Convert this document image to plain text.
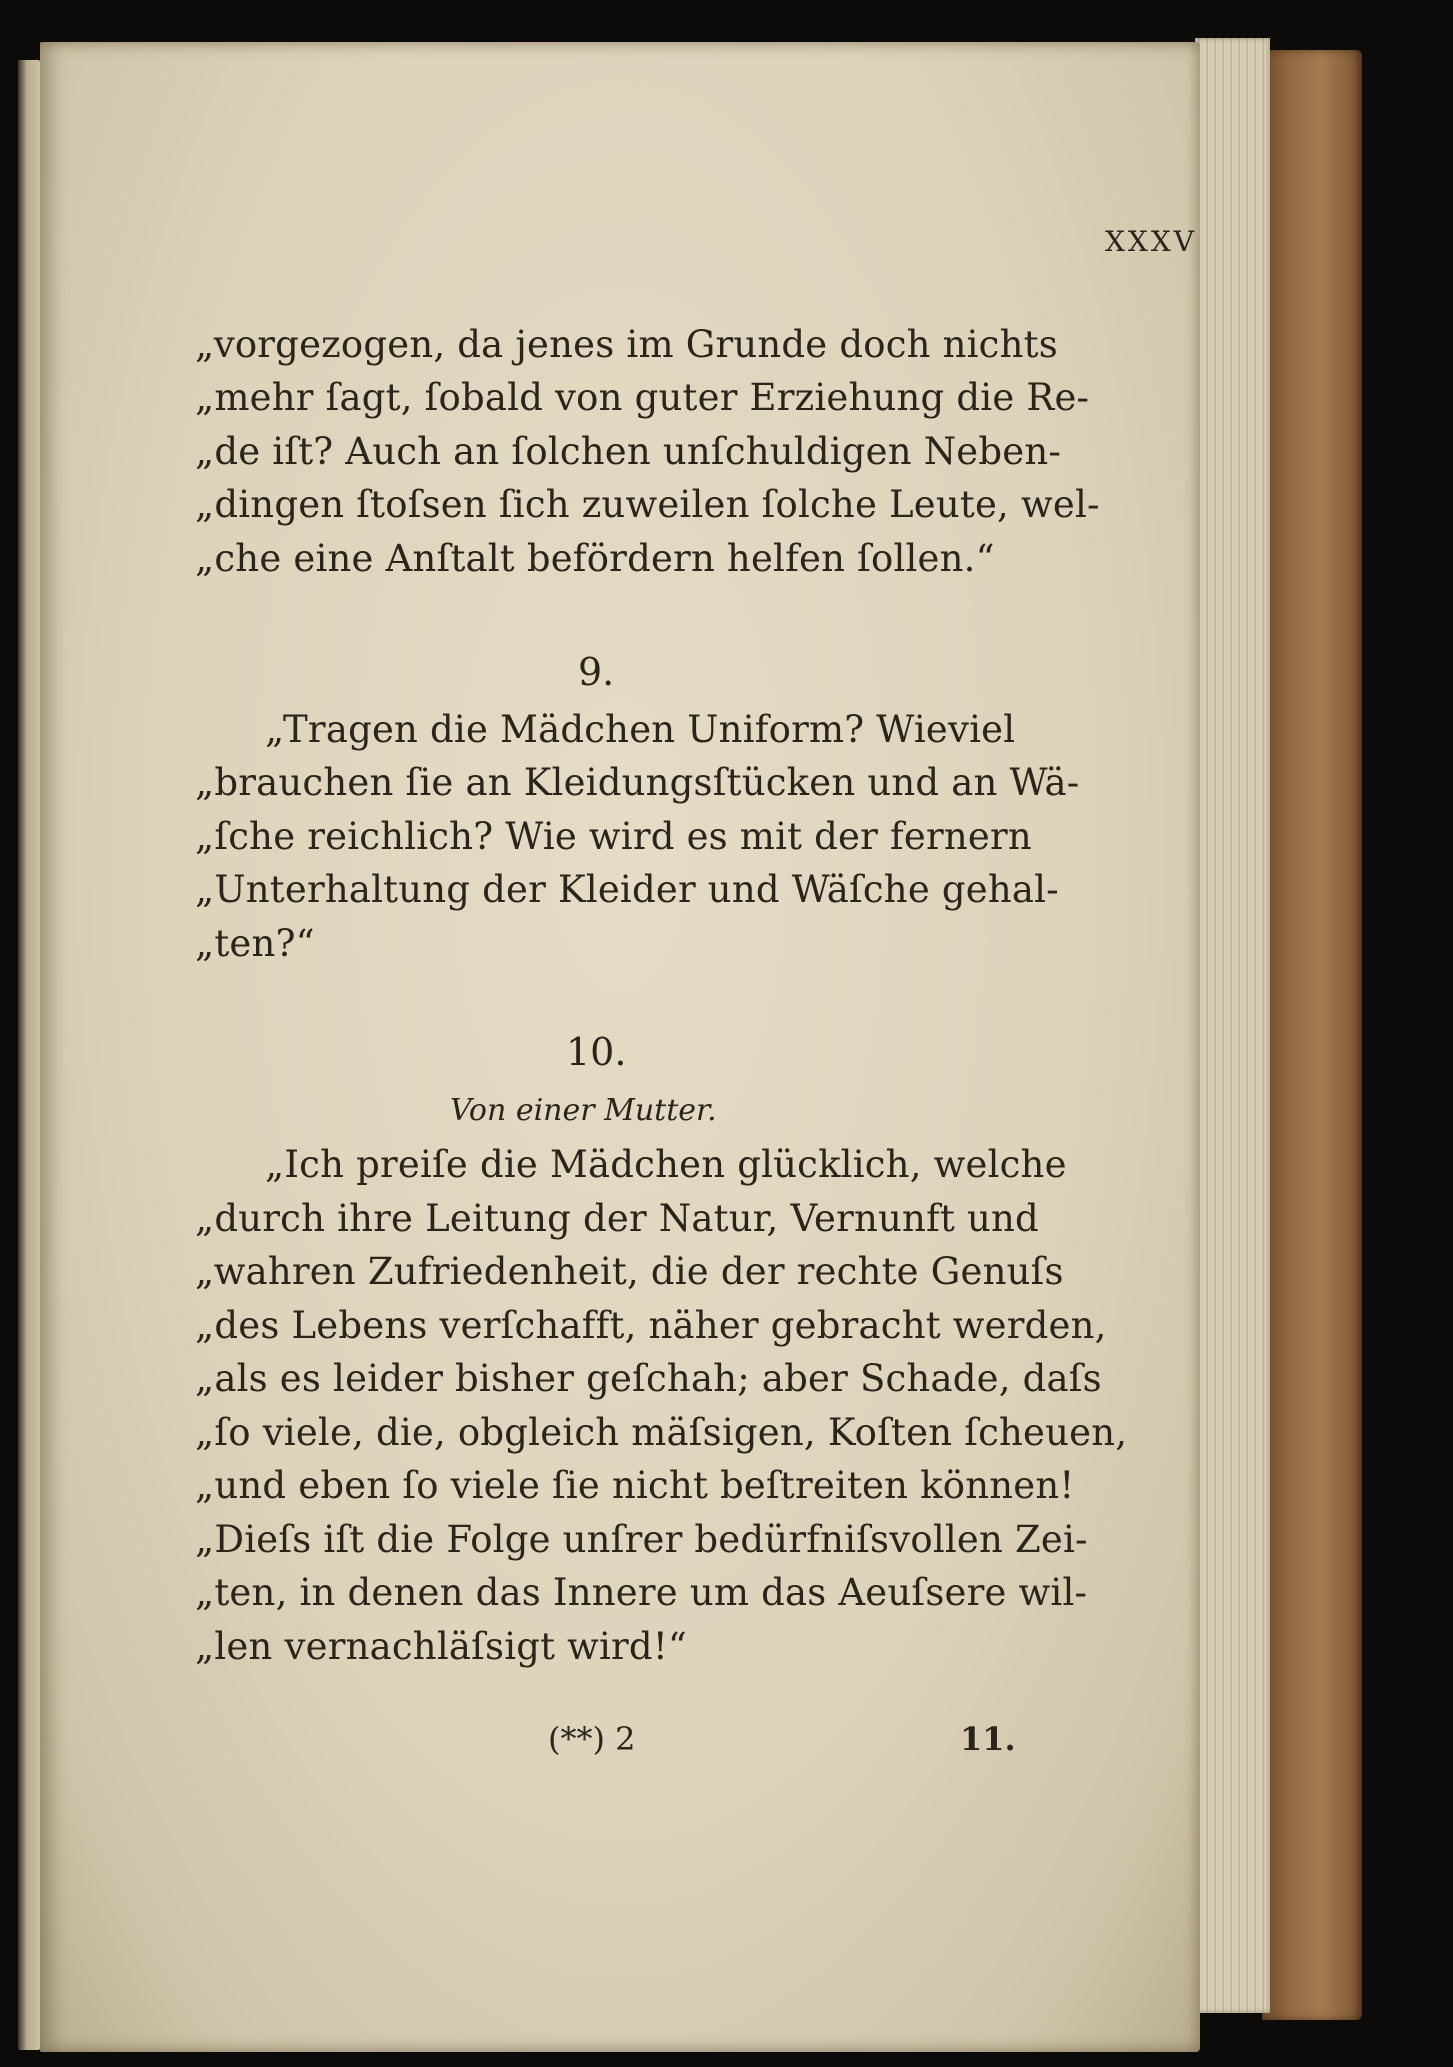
XXXV
„vorgezogen, da jenes im Grunde doch nichts
„mehr ſagt, ſobald von guter Erziehung die Re-
„de iſt? Auch an ſolchen unſchuldigen Neben-
„dingen ſtoſsen ſich zuweilen ſolche Leute, wel-
„che eine Anſtalt befördern helfen ſollen.“
9.
„Tragen die Mädchen Uniform? Wieviel
„brauchen ſie an Kleidungsſtücken und an Wä-
„ſche reichlich? Wie wird es mit der fernern
„Unterhaltung der Kleider und Wäſche gehal-
„ten?“
10.
Von einer Mutter.
„Ich preiſe die Mädchen glücklich, welche
„durch ihre Leitung der Natur, Vernunft und
„wahren Zufriedenheit, die der rechte Genuſs
„des Lebens verſchafft, näher gebracht werden,
„als es leider bisher geſchah; aber Schade, daſs
„ſo viele, die, obgleich mäſsigen, Koſten ſcheuen,
„und eben ſo viele ſie nicht beſtreiten können!
„Dieſs iſt die Folge unſrer bedürfniſsvollen Zei-
„ten, in denen das Innere um das Aeuſsere wil-
„len vernachläſsigt wird!“
(**) 2	11.
